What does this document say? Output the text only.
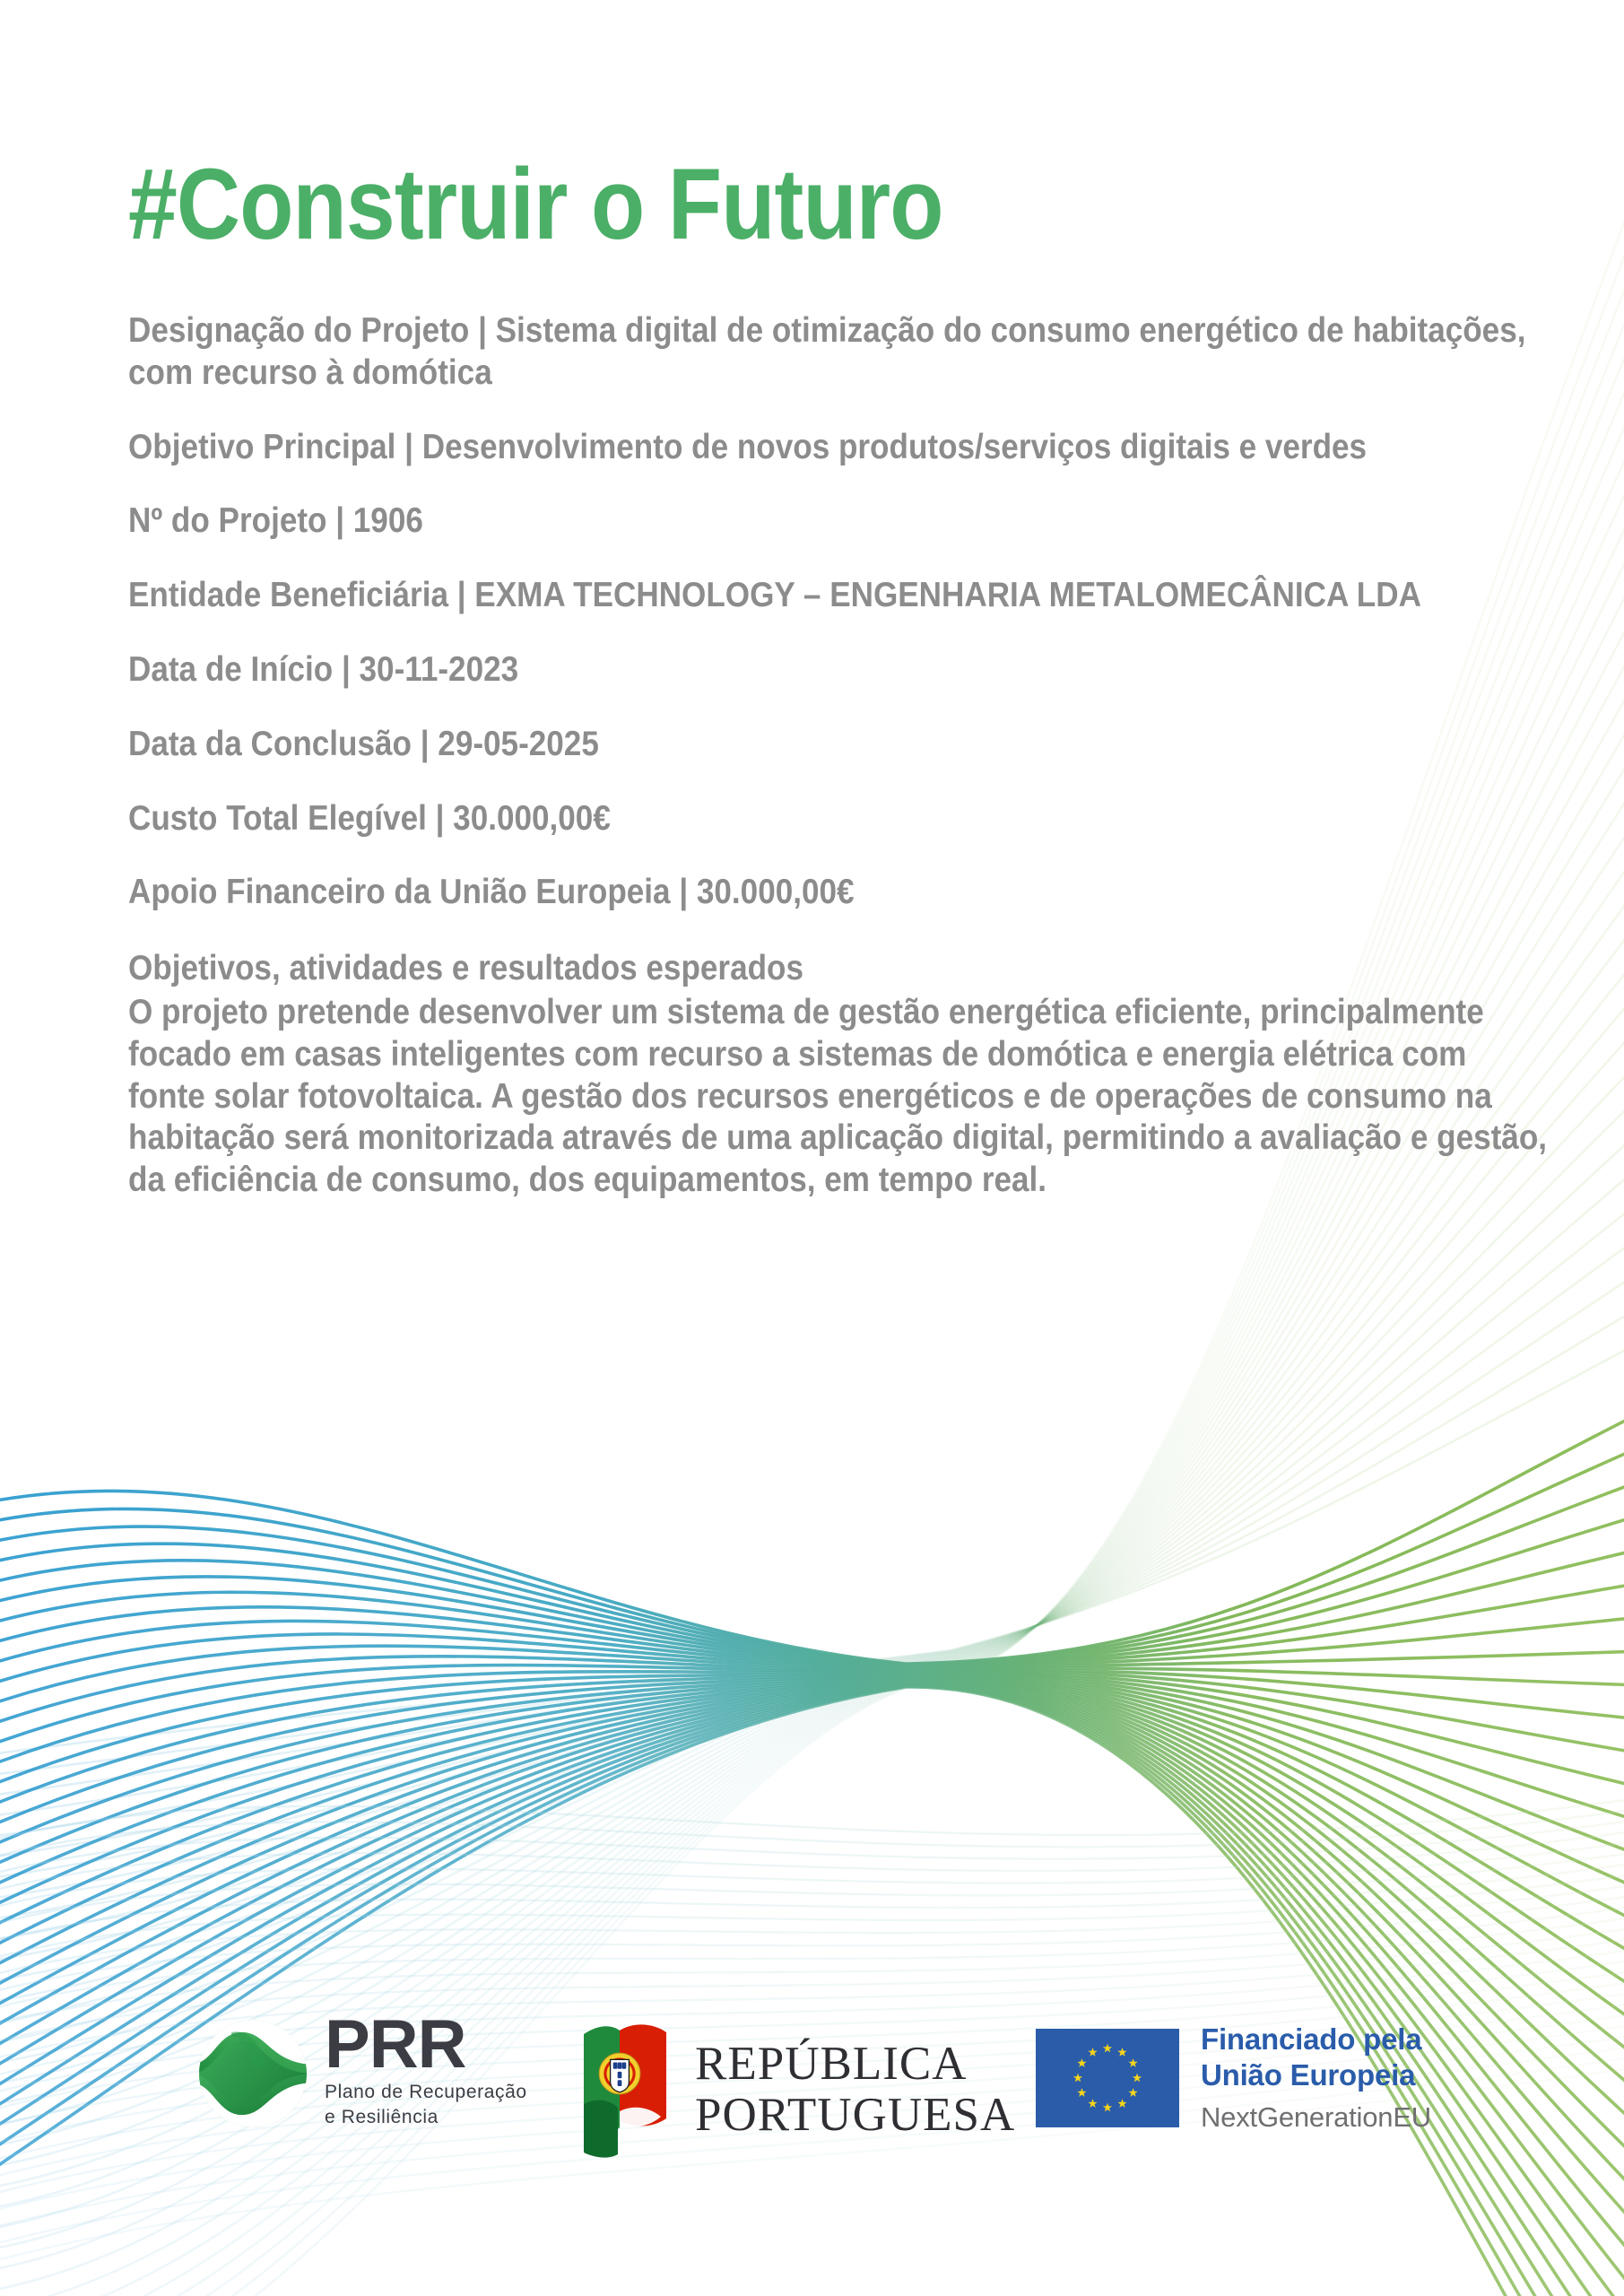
#Construir o Futuro

Designação do Projeto | Sistema digital de otimização do consumo energético de habitações, com recurso à domótica

Objetivo Principal | Desenvolvimento de novos produtos/serviços digitais e verdes

Nº do Projeto | 1906

Entidade Beneficiária | EXMA TECHNOLOGY – ENGENHARIA METALOMECÂNICA LDA

Data de Início | 30-11-2023

Data da Conclusão | 29-05-2025

Custo Total Elegível | 30.000,00€

Apoio Financeiro da União Europeia | 30.000,00€

Objetivos, atividades e resultados esperados
O projeto pretende desenvolver um sistema de gestão energética eficiente, principalmente focado em casas inteligentes com recurso a sistemas de domótica e energia elétrica com fonte solar fotovoltaica. A gestão dos recursos energéticos e de operações de consumo na habitação será monitorizada através de uma aplicação digital, permitindo a avaliação e gestão, da eficiência de consumo, dos equipamentos, em tempo real.
PRR
Plano de Recuperação
e Resiliência
REPÚBLICA
PORTUGUESA
Financiado pela
União Europeia
NextGenerationEU
